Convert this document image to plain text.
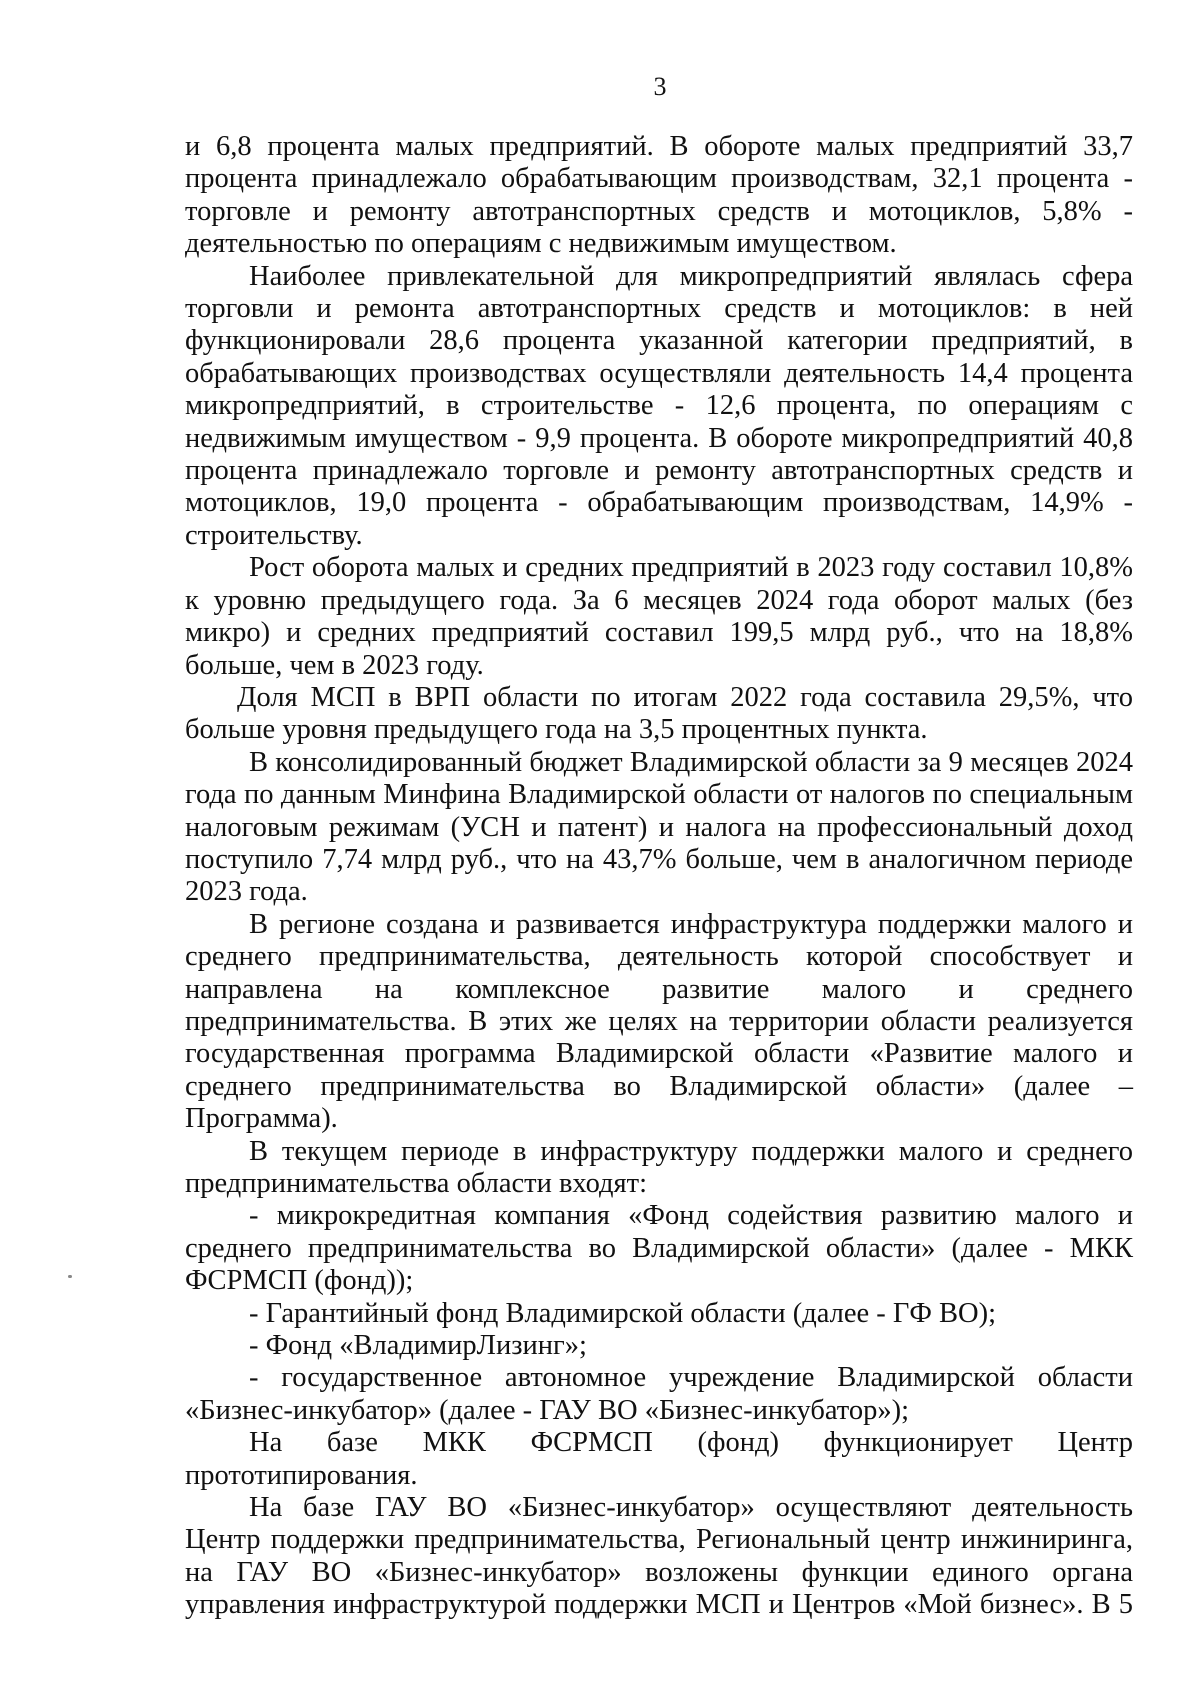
3

и 6,8 процента малых предприятий. В обороте малых предприятий 33,7 процента принадлежало обрабатывающим производствам, 32,1 процента - торговле и ремонту автотранспортных средств и мотоциклов, 5,8% - деятельностью по операциям с недвижимым имуществом.

Наиболее привлекательной для микропредприятий являлась сфера торговли и ремонта автотранспортных средств и мотоциклов: в ней функционировали 28,6 процента указанной категории предприятий, в обрабатывающих производствах осуществляли деятельность 14,4 процента микропредприятий, в строительстве - 12,6 процента, по операциям с недвижимым имуществом - 9,9 процента. В обороте микропредприятий 40,8 процента принадлежало торговле и ремонту автотранспортных средств и мотоциклов, 19,0 процента - обрабатывающим производствам, 14,9% - строительству.

Рост оборота малых и средних предприятий в 2023 году составил 10,8% к уровню предыдущего года. За 6 месяцев 2024 года оборот малых (без микро) и средних предприятий составил 199,5 млрд руб., что на 18,8% больше, чем в 2023 году.

Доля МСП в ВРП области по итогам 2022 года составила 29,5%, что больше уровня предыдущего года на 3,5 процентных пункта.

В консолидированный бюджет Владимирской области за 9 месяцев 2024 года по данным Минфина Владимирской области от налогов по специальным налоговым режимам (УСН и патент) и налога на профессиональный доход поступило 7,74 млрд руб., что на 43,7% больше, чем в аналогичном периоде 2023 года.

В регионе создана и развивается инфраструктура поддержки малого и среднего предпринимательства, деятельность которой способствует и направлена на комплексное развитие малого и среднего предпринимательства. В этих же целях на территории области реализуется государственная программа Владимирской области «Развитие малого и среднего предпринимательства во Владимирской области» (далее – Программа).

В текущем периоде в инфраструктуру поддержки малого и среднего предпринимательства области входят:

- микрокредитная компания «Фонд содействия развитию малого и среднего предпринимательства во Владимирской области» (далее - МКК ФСРМСП (фонд));

- Гарантийный фонд Владимирской области (далее - ГФ ВО);

- Фонд «ВладимирЛизинг»;

- государственное автономное учреждение Владимирской области «Бизнес-инкубатор» (далее - ГАУ ВО «Бизнес-инкубатор»);

На базе МКК ФСРМСП (фонд) функционирует Центр прототипирования.

На базе ГАУ ВО «Бизнес-инкубатор» осуществляют деятельность Центр поддержки предпринимательства, Региональный центр инжиниринга, на ГАУ ВО «Бизнес-инкубатор» возложены функции единого органа управления инфраструктурой поддержки МСП и Центров «Мой бизнес». В 5
